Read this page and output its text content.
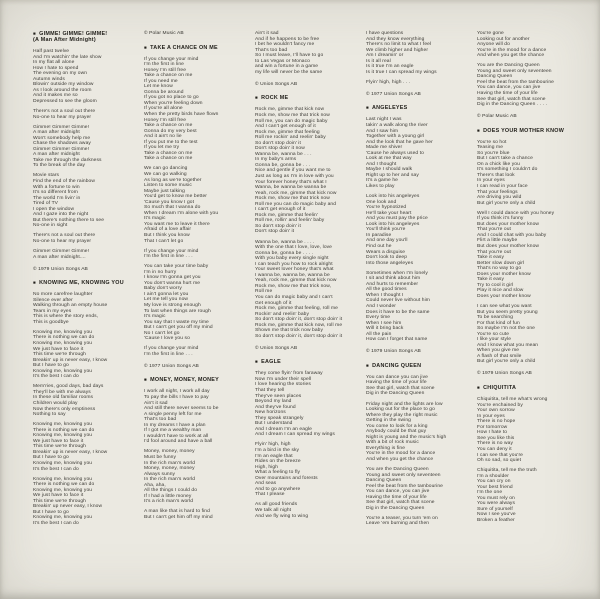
■ GIMME! GIMME! GIMME!
(A Man After Midnight)
Half past twelve
And I'm watchin' the late show
In my flat all alone
How I hate to spend
The evening on my own
Autumn winds
Blowin' outside my window
As I look around the room
And it makes me so
Depressed to see the gloom
There's not a soul out there
No-one to hear my prayer
Gimme! Gimme! Gimme!
A man after midnight
Won't somebody help me
Chase the shadows away
Gimme! Gimme! Gimme!
A man after midnight
Take me through the darkness
To the break of the day
Movie stars
Find the end of the rainbow
With a fortune to win
It's so different from
The world I'm livin' in
Tired of TV
I open the window
And I gaze into the night
But there's nothing there to see
No-one in sight
There's not a soul out there
No-one to hear my prayer
Gimme! Gimme! Gimme!
A man after midnight....
© 1979 Union Songs AB
■ KNOWING ME, KNOWING YOU
No more carefree laughter
Silence ever after
Walking through an empty house
Tears in my eyes
This is where the story ends,
This is goodbye
Knowing me, knowing you
There is nothing we can do
Knowing me, knowing you
We just have to face it
This time we're through
Breakin' up is never easy, I know
But I have to go
Knowing me, knowing you
It's the best I can do
Mem'ries, good days, bad days
They'll be with me always
In these old familiar rooms
Children would play
Now there's only emptiness
Nothing to say
Knowing me, knowing you
There is nothing we can do
Knowing me, knowing you
We just have to face it
This time we're through
Breakin' up is never easy, I know
But I have to go
Knowing me, knowing you
It's the best I can do
Knowing me, knowing you
There is nothing we can do
Knowing me, knowing you
We just have to face it
This time we're through
Breakin' up never easy, I know
But I have to go
Knowing me, knowing you
It's the best I can do
© Polar Music AB
■ TAKE A CHANCE ON ME
If you change your mind
I'm the first in line
Honey I'm still free
Take a chance on me
If you need me
Let me know
Gonna be around
If you got no place to go
When you're feeling down
If you're all alone
When the pretty birds have flown
Honey I'm still free
Take a chance on me
Gonna do my very best
And it ain't no lie
If you put me to the test
If you let me try
Take a chance on me
Take a chance on me
We can go dancing
We can go walking
As long as we're together
Listen to some music
Maybe just talking
You'd get to know me better
'Cause you know I got
So much that I wanna do
When I dream I'm alone with you
It's magic
You want me to leave it there
Afraid of a love affair
But I think you know
That I can't let go
If you change your mind
I'm the first in line . . .
You can take your time baby
I'm in no hurry
I know I'm gonna get you
You don't wanna hurt me
Baby don't worry
I ain't gonna let you
Let me tell you now
My love is strong enough
To last when things are rough
It's magic
You say that I waste my time
But I can't get you off my mind
No I can't let go
'Cause I love you so
If you change your mind
I'm the first in line . . .
© 1977 Union Songs AB
■ MONEY, MONEY, MONEY
I work all night, I work all day
To pay the bills I have to pay
Ain't it sad
And still there never seems to be
A single penny left for me
That's too bad
In my dreams I have a plan
If I got me a wealthy man
I wouldn't have to work at all
I'd fool around and have a ball
Money, money, money
Must be funny
In the rich man's world
Money, money, money
Always sunny
In the rich man's world
Aha, aha,
All the things I could do
If I had a little money
It's a rich man's world
A man like that is hard to find
But I can't get him off my mind
Ain't it sad
And if he happens to be free
I bet he wouldn't fancy me
That's too bad
So I must leave, I'll have to go
to Las Vegas or Monaco
and win a fortune in a game
my life will never be the same
© Union Songs AB
■ ROCK ME
Rock me, gimme that kick now
Rock me, show me that trick now
Roll me, you can do magic baby
And I can't get enough of it
Rock me, gimme that feeling
Roll me rockin' and reelin' baby
So don't stop doin' it
Don't stop doin' it now
Wanna be, wanna be . . .
In my baby's arms
Gonna be, gonna be . . .
Nice and gentle if you want me to
Just as long as I'm in love with you
Your forever honey that's what I
Wanna, be wanna be wanna be
Yeah, rock me, gimme that kick now
Rock me, show me that trick now
Roll me you can do magic baby and
I can't get enough of it
Rock me, gimme that feelin'
Roll me, rollin' and feelin' baby
So don't stop doin' it
Don't stop doin' it
Wanna be, wanna be . . . .
With the one that I love, love, love
Gonna be, gonna be . . . .
With you baby every single night
I can teach you how to rock alright
Your sweet lover honey that's what
I wanna be, wanna be, wanna be
Yeah, rock me, gimme that kick now
Rock me, show me that trick now,
Roll me
You can do magic baby and I can't
Get enough of it
Rock me, gimme that feeling, roll me
Rockin' and reelin' baby
So don't stop doin' it, don't stop doin' it
Rock me, gimme that kick now, roll me
Shown me that trick now baby
So don't stop doin' it, don't stop doin' it
© Union Songs AB
■ EAGLE
They come flyin' from faraway
Now I'm under their spell
I love hearing the stories
That they tell
They've seen places
Beyond my land
And they've found
New horizons
They speak strangely
But I understand
And I dream I'm an eagle
And I dream I can spread my wings
Flyin' high, high
I'm a bird in the sky
I'm an eagle that
Rides on the breeze
High, high
What a feeling to fly
Over mountains and forests
And seas
And to go anywhere
That I please
As all good friends
We talk all night
And we fly wing to wing
I have questions
And they know everything
There's no limit to what I feel
We climb higher and higher
Am I dreamin' or
Is it all real
Is it true I'm an eagle
Is it true I can spread my wings
Flyin' high, high . . .
© 1977 Union Songs AB
■ ANGELEYES
Last night I was
takin' a walk along the river
And I saw him
Together with a young girl
And the look that he gave her
Made me shiver
'Cause he always used to
Look at me that way
And I thought
Maybe I should walk
Right up to her and say
It's a game he
Likes to play
Look into his angeleyes
One look and
You're hypnotized
He'll take your heart
And you must pay the price
Look into his angeleyes
You'll think you're
In paradise
And one day you'll
Find out he
Wears a disguise
Don't look to deep
Into those angeleyes
Sometimes when I'm lonely
I sit and think about him
And hurts to remember
All the good times
When I thought I
Could never live without him
And I wonder
Does it have to be the same
Every time
When I see him
Will it bring back
All the pain
How can I forget that name
© 1979 Union Songs AB
■ DANCING QUEEN
You can dance you can jive
Having the time of your life
See that girl, watch that scene
Dig in the Dancing Queen
Friday night and the lights are low
Looking out for the place to go
Where they play the right music
Getting in the swing
You come to look for a king
Anybody could be that guy
Night is young and the music's high
With a bit of rock music
Everything is fine
You're in the mood for a dance
And when you get the chance
You are the Dancing Queen
Young and sweet only seventeen
Dancing Queen
Feel the beat from the tambourine
You can dance, you can jive
Having the time of your life
See that girl, watch that scene
Dig in the Dancing Queen
You're a teaser, you turn 'em on
Leave 'em burning and then
You're gone
Looking out for another
Anyone will do
You're in the mood for a dance
And when you get the chance
You are the Dancing Queen
Young and sweet only seventeen
Dancing Queen
Feel the beat from the tambourine
You can dance, you can jive
Having the time of your life
See that girl, watch that scene
Dig in the Dancing Queen . . . .
© Polar Music AB
■ DOES YOUR MOTHER KNOW
You're so hot
Teasing me
So you're blue
But I can't take a chance
On a chick like you
It's something I couldn't do
There's that look
In your eyes
I can read in your face
That your feelings
Are driving you wild
But girl you're only a child
Well I could dance with you honey
If you think it's funny
But does your mother know
That you're out
And I could chat with you baby
Flirt a little maybe
But does your mother know
That you're out
Take it easy
Better slow down girl
That's no way to go
Does your mother know
Take it easy
Try to cool it girl
Play it nice and slow
Does your mother know
I can see what you want
But you seem pretty young
To be searching
For that kind of fun
So maybe I'm not the one
You're so cute
I like your style
And I know what you mean
When you give me
A flash of that smile
But girl you're only a child
© 1979 Union Songs AB
■ CHIQUITITA
Chiquitita, tell me what's wrong
You're enchained by
Your own sorrow
In your eyes
There is no hope
For tomorrow
How I hate to
See you like this
There is no way
You can deny it
I can see that you're
Oh so sad, so quiet
Chiquitita, tell me the truth
I'm a shoulder
You can cry on
Your best friend
I'm the one
You must rely on
You were always
Sure of yourself
Now I see you've
Broken a feather
